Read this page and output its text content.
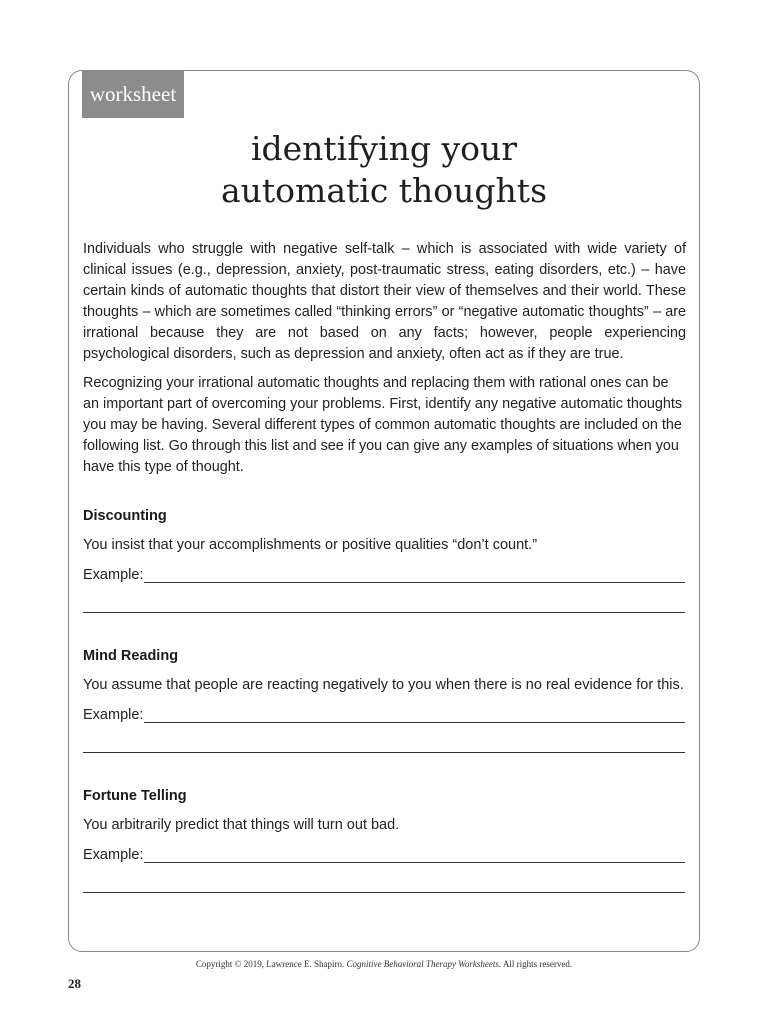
worksheet
identifying your
automatic thoughts

Individuals who struggle with negative self-talk – which is associated with wide variety of clinical issues (e.g., depression, anxiety, post-traumatic stress, eating disorders, etc.) – have certain kinds of automatic thoughts that distort their view of themselves and their world. These thoughts – which are sometimes called “thinking errors” or “negative automatic thoughts” – are irrational because they are not based on any facts; however, people experiencing psychological disorders, such as depression and anxiety, often act as if they are true.

Recognizing your irrational automatic thoughts and replacing them with rational ones can be an important part of overcoming your problems. First, identify any negative automatic thoughts you may be having. Several different types of common automatic thoughts are included on the following list. Go through this list and see if you can give any examples of situations when you have this type of thought.

Discounting
You insist that your accomplishments or positive qualities “don’t count.”
Example:
Mind Reading
You assume that people are reacting negatively to you when there is no real evidence for this.
Example:
Fortune Telling
You arbitrarily predict that things will turn out bad.
Example:
Copyright © 2019, Lawrence E. Shapiro. Cognitive Behavioral Therapy Worksheets. All rights reserved.
28
